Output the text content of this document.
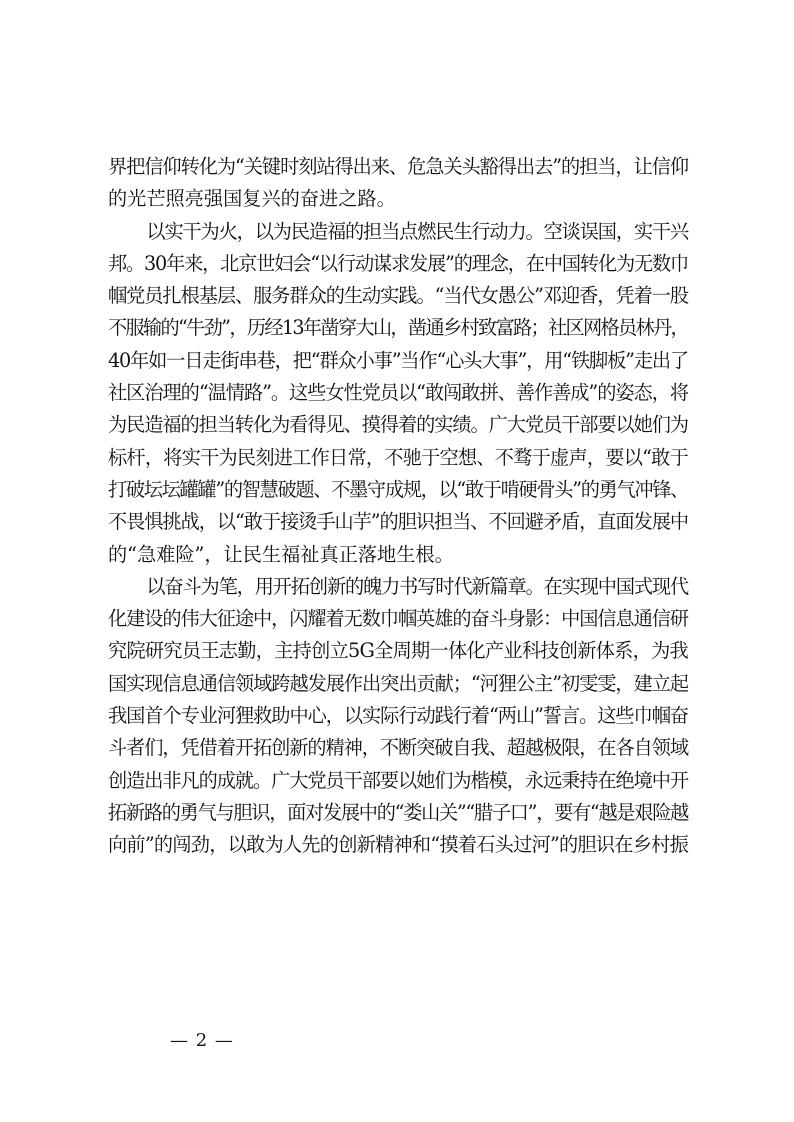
界把信仰转化为“关键时刻站得出来、危急关头豁得出去”的担当，让信仰
的光芒照亮强国复兴的奋进之路。

以实干为火，以为民造福的担当点燃民生行动力。空谈误国，实干兴
邦。30年来，北京世妇会“以行动谋求发展”的理念，在中国转化为无数巾
帼党员扎根基层、服务群众的生动实践。“当代女愚公”邓迎香，凭着一股
不服输的“牛劲”，历经13年凿穿大山，凿通乡村致富路；社区网格员林丹，
40年如一日走街串巷，把“群众小事”当作“心头大事”，用“铁脚板”走出了
社区治理的“温情路”。这些女性党员以“敢闯敢拼、善作善成”的姿态，将
为民造福的担当转化为看得见、摸得着的实绩。广大党员干部要以她们为
标杆，将实干为民刻进工作日常，不驰于空想、不骛于虚声，要以“敢于
打破坛坛罐罐”的智慧破题、不墨守成规，以“敢于啃硬骨头”的勇气冲锋、
不畏惧挑战，以“敢于接烫手山芋”的胆识担当、不回避矛盾，直面发展中
的“急难险”，让民生福祉真正落地生根。

以奋斗为笔，用开拓创新的魄力书写时代新篇章。在实现中国式现代
化建设的伟大征途中，闪耀着无数巾帼英雄的奋斗身影：中国信息通信研
究院研究员王志勤，主持创立5G全周期一体化产业科技创新体系，为我
国实现信息通信领域跨越发展作出突出贡献；“河狸公主”初雯雯，建立起
我国首个专业河狸救助中心，以实际行动践行着“两山”誓言。这些巾帼奋
斗者们，凭借着开拓创新的精神，不断突破自我、超越极限，在各自领域
创造出非凡的成就。广大党员干部要以她们为楷模，永远秉持在绝境中开
拓新路的勇气与胆识，面对发展中的“娄山关”“腊子口”，要有“越是艰险越
向前”的闯劲，以敢为人先的创新精神和“摸着石头过河”的胆识在乡村振

— 2 —
